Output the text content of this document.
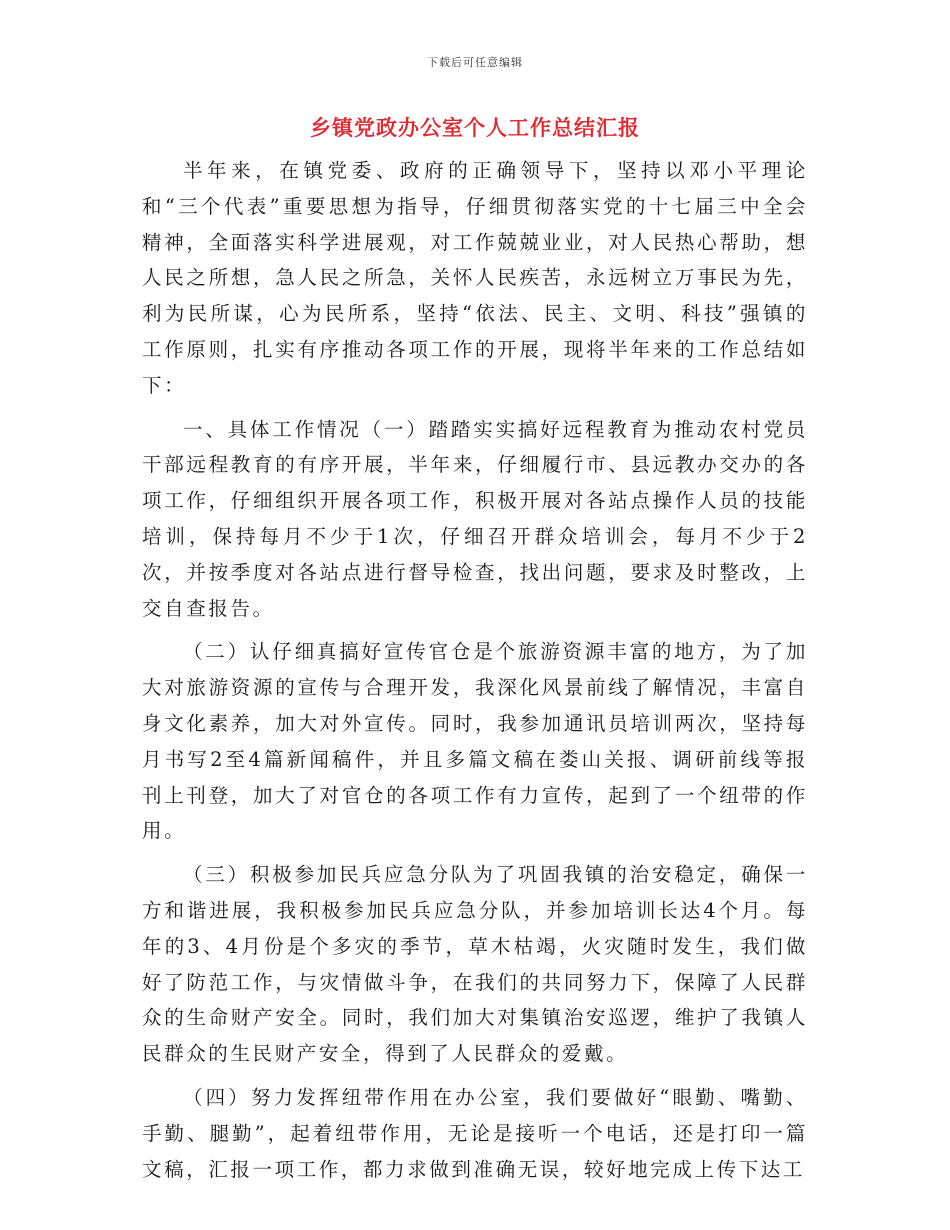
下载后可任意编辑
乡镇党政办公室个人工作总结汇报

半年来，在镇党委、政府的正确领导下，坚持以邓小平理论和“三个代表”重要思想为指导，仔细贯彻落实党的十七届三中全会精神，全面落实科学进展观，对工作兢兢业业，对人民热心帮助，想人民之所想，急人民之所急，关怀人民疾苦，永远树立万事民为先，利为民所谋，心为民所系，坚持“依法、民主、文明、科技”强镇的工作原则，扎实有序推动各项工作的开展，现将半年来的工作总结如下：

一、具体工作情况（一）踏踏实实搞好远程教育为推动农村党员干部远程教育的有序开展，半年来，仔细履行市、县远教办交办的各项工作，仔细组织开展各项工作，积极开展对各站点操作人员的技能培训，保持每月不少于1次，仔细召开群众培训会，每月不少于2次，并按季度对各站点进行督导检查，找出问题，要求及时整改，上交自查报告。

（二）认仔细真搞好宣传官仓是个旅游资源丰富的地方，为了加大对旅游资源的宣传与合理开发，我深化风景前线了解情况，丰富自身文化素养，加大对外宣传。同时，我参加通讯员培训两次，坚持每月书写2至4篇新闻稿件，并且多篇文稿在娄山关报、调研前线等报刊上刊登，加大了对官仓的各项工作有力宣传，起到了一个纽带的作用。

（三）积极参加民兵应急分队为了巩固我镇的治安稳定，确保一方和谐进展，我积极参加民兵应急分队，并参加培训长达4个月。每年的3、4月份是个多灾的季节，草木枯竭，火灾随时发生，我们做好了防范工作，与灾情做斗争，在我们的共同努力下，保障了人民群众的生命财产安全。同时，我们加大对集镇治安巡逻，维护了我镇人民群众的生民财产安全，得到了人民群众的爱戴。

（四）努力发挥纽带作用在办公室，我们要做好“眼勤、嘴勤、手勤、腿勤”，起着纽带作用，无论是接听一个电话，还是打印一篇文稿，汇报一项工作，都力求做到准确无误，较好地完成上传下达工
